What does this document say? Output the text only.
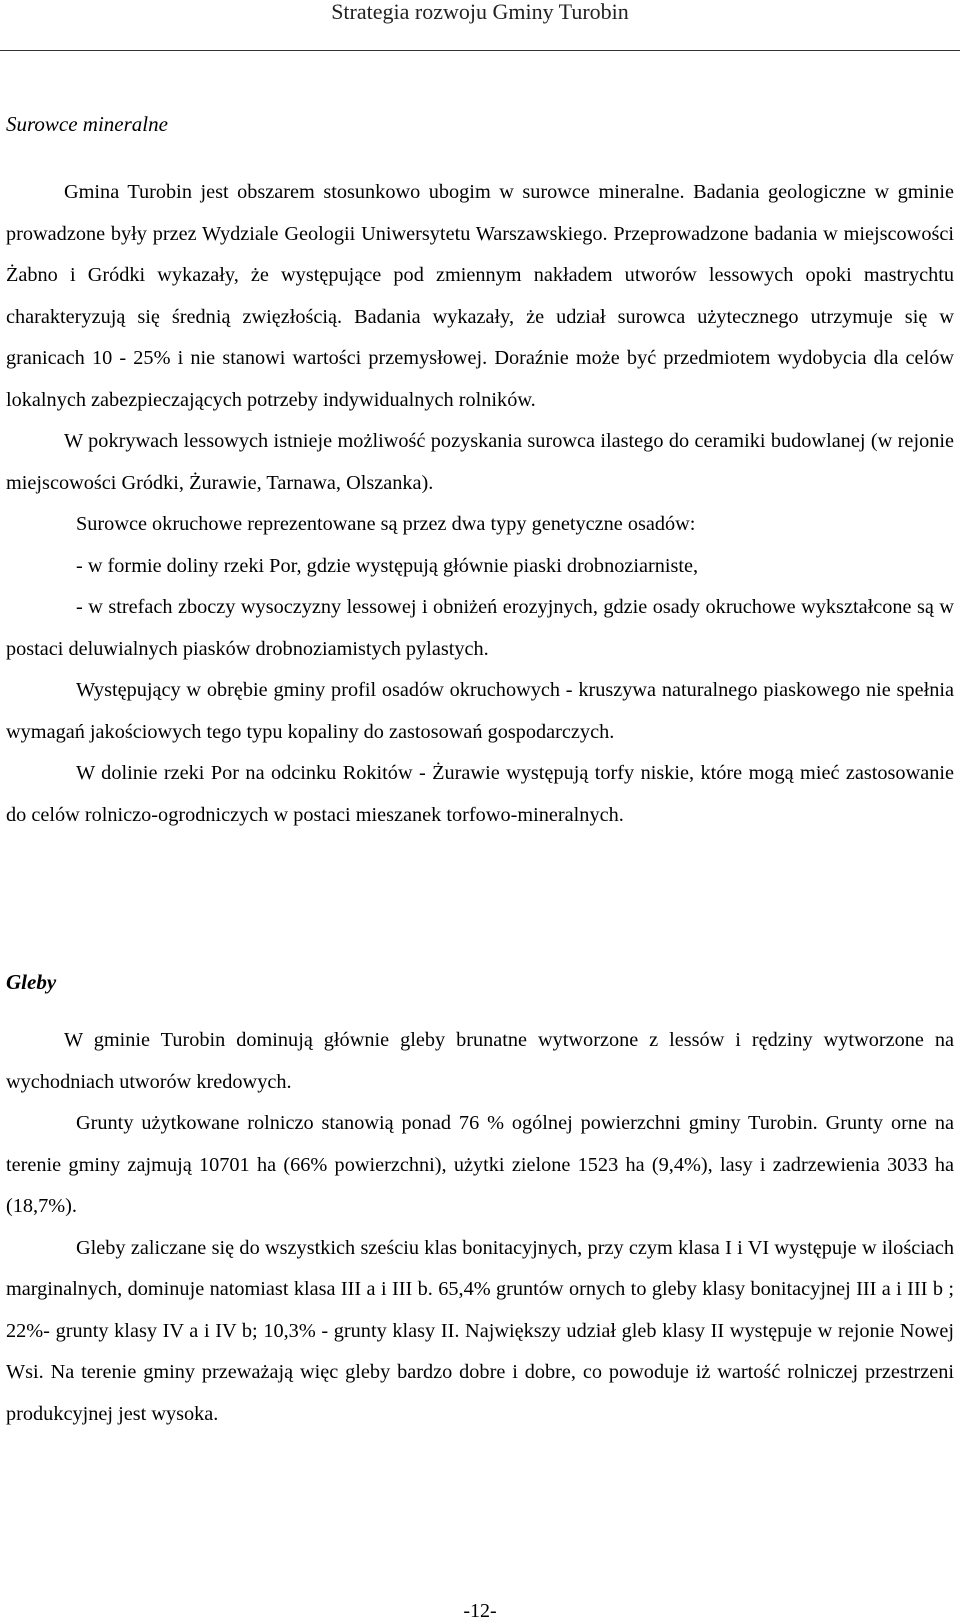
Strategia rozwoju Gminy Turobin
Surowce mineralne

Gmina Turobin jest obszarem stosunkowo ubogim w surowce mineralne. Badania geologiczne w gminie prowadzone były przez Wydziale Geologii Uniwersytetu Warszawskiego. Przeprowadzone badania w miejscowości Żabno i Gródki wykazały, że występujące pod zmiennym nakładem utworów lessowych opoki mastrychtu charakteryzują się średnią zwięzłością. Badania wykazały, że udział surowca użytecznego utrzymuje się w granicach 10 - 25% i nie stanowi wartości przemysłowej. Doraźnie może być przedmiotem wydobycia dla celów lokalnych zabezpieczających potrzeby indywidualnych rolników.

W pokrywach lessowych istnieje możliwość pozyskania surowca ilastego do ceramiki budowlanej (w rejonie miejscowości Gródki, Żurawie, Tarnawa, Olszanka).

Surowce okruchowe reprezentowane są przez dwa typy genetyczne osadów:

- w formie doliny rzeki Por, gdzie występują głównie piaski drobnoziarniste,

- w strefach zboczy wysoczyzny lessowej i obniżeń erozyjnych, gdzie osady okruchowe wykształcone są w postaci deluwialnych piasków drobnoziamistych pylastych.

Występujący w obrębie gminy profil osadów okruchowych - kruszywa naturalnego piaskowego nie spełnia wymagań jakościowych tego typu kopaliny do zastosowań gospodarczych.

W dolinie rzeki Por na odcinku Rokitów - Żurawie występują torfy niskie, które mogą mieć zastosowanie do celów rolniczo-ogrodniczych w postaci mieszanek torfowo-mineralnych.

Gleby

W gminie Turobin dominują głównie gleby brunatne wytworzone z lessów i rędziny wytworzone na wychodniach utworów kredowych.

Grunty użytkowane rolniczo stanowią ponad 76 % ogólnej powierzchni gminy Turobin. Grunty orne na terenie gminy zajmują 10701 ha (66% powierzchni), użytki zielone 1523 ha (9,4%), lasy i zadrzewienia 3033 ha (18,7%).

Gleby zaliczane się do wszystkich sześciu klas bonitacyjnych, przy czym klasa I i VI występuje w ilościach marginalnych, dominuje natomiast klasa III a i III b. 65,4% gruntów ornych to gleby klasy bonitacyjnej III a i III b ; 22%- grunty klasy IV a i IV b; 10,3% - grunty klasy II. Największy udział gleb klasy II występuje w rejonie Nowej Wsi. Na terenie gminy przeważają więc gleby bardzo dobre i dobre, co powoduje iż wartość rolniczej przestrzeni produkcyjnej jest wysoka.

-12-
